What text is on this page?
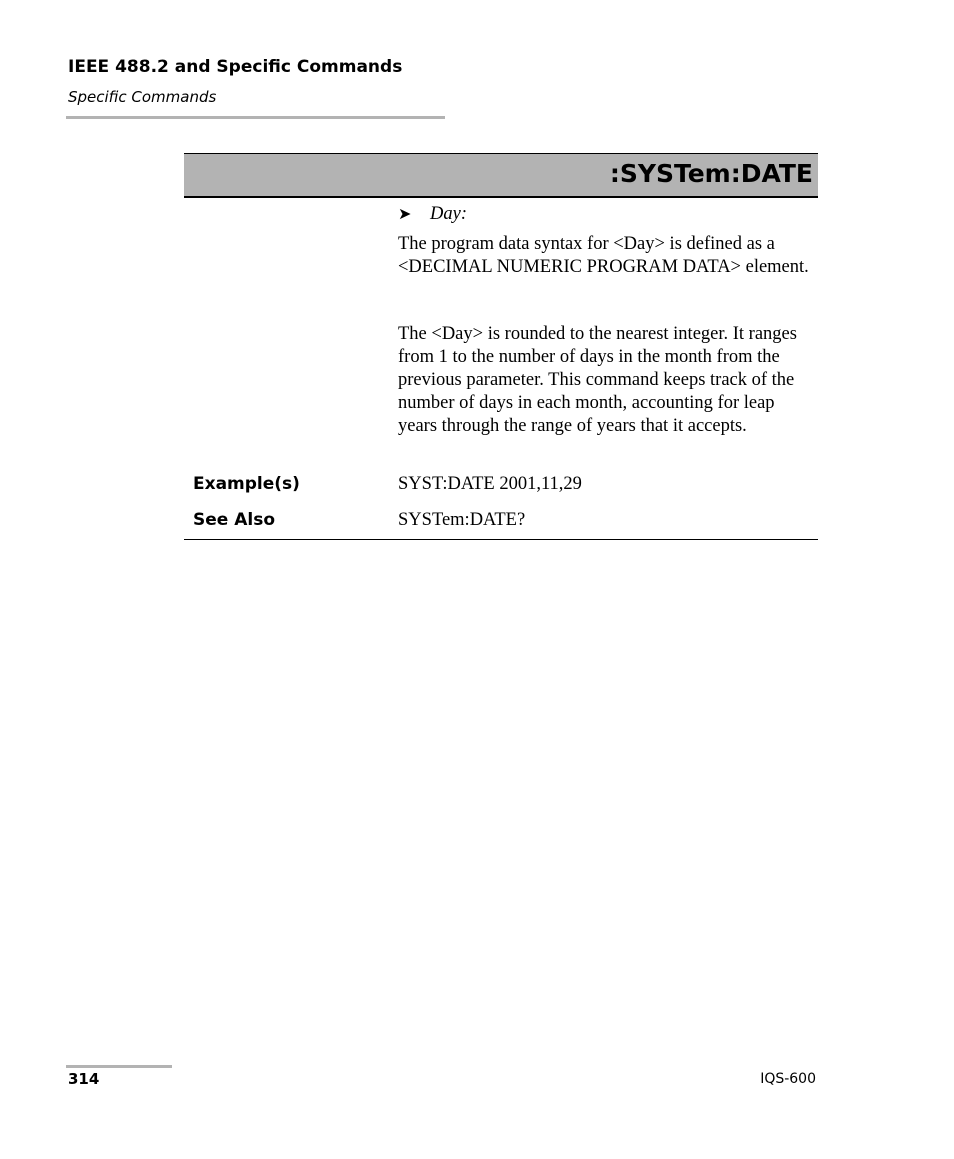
IEEE 488.2 and Specific Commands
Specific Commands
:SYSTem:DATE
➤ Day:
The program data syntax for <Day> is defined as a <DECIMAL NUMERIC PROGRAM DATA> element.
The <Day> is rounded to the nearest integer. It ranges from 1 to the number of days in the month from the previous parameter. This command keeps track of the number of days in each month, accounting for leap years through the range of years that it accepts.
Example(s)	SYST:DATE 2001,11,29
See Also	SYSTem:DATE?
314	IQS-600
